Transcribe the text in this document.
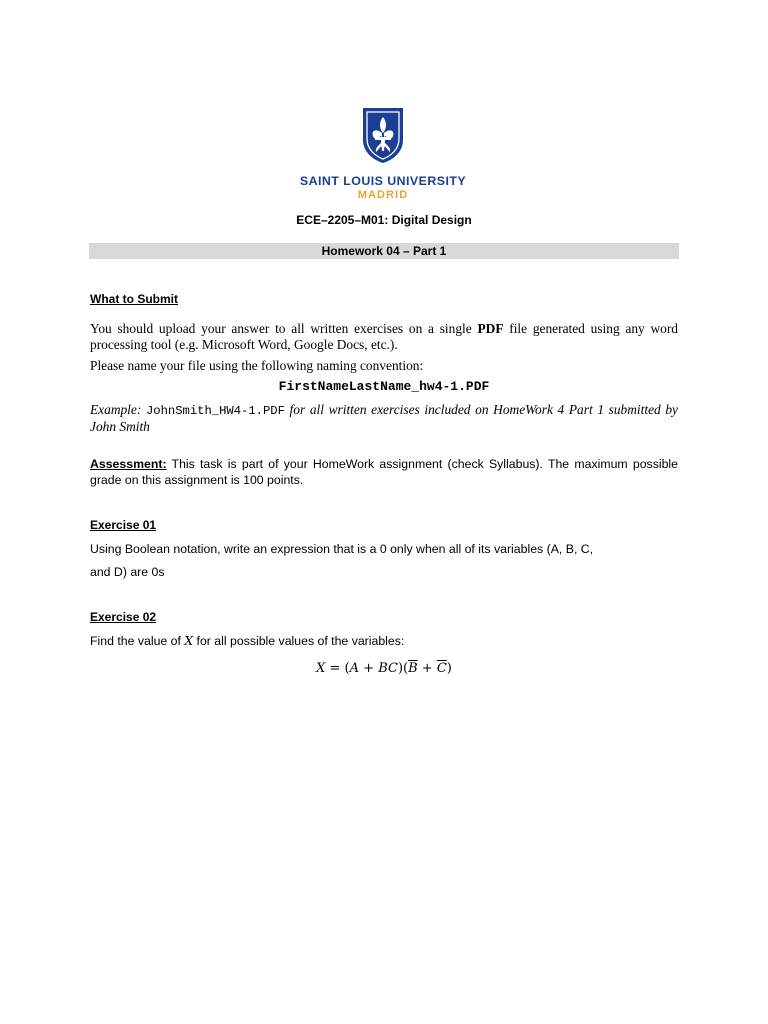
SAINT LOUIS UNIVERSITY
MADRID
ECE–2205–M01: Digital Design
Homework 04 – Part 1
What to Submit
You should upload your answer to all written exercises on a single PDF file generated using any word processing tool (e.g. Microsoft Word, Google Docs, etc.).
Please name your file using the following naming convention:
FirstNameLastName_hw4-1.PDF
Example: JohnSmith_HW4-1.PDF for all written exercises included on HomeWork 4 Part 1 submitted by John Smith
Assessment: This task is part of your HomeWork assignment (check Syllabus). The maximum possible grade on this assignment is 100 points.
Exercise 01
Using Boolean notation, write an expression that is a 0 only when all of its variables (A, B, C,
and D) are 0s
Exercise 02
Find the value of X for all possible values of the variables:
$X = (A + BC)(\overline{B} + \overline{C})$
